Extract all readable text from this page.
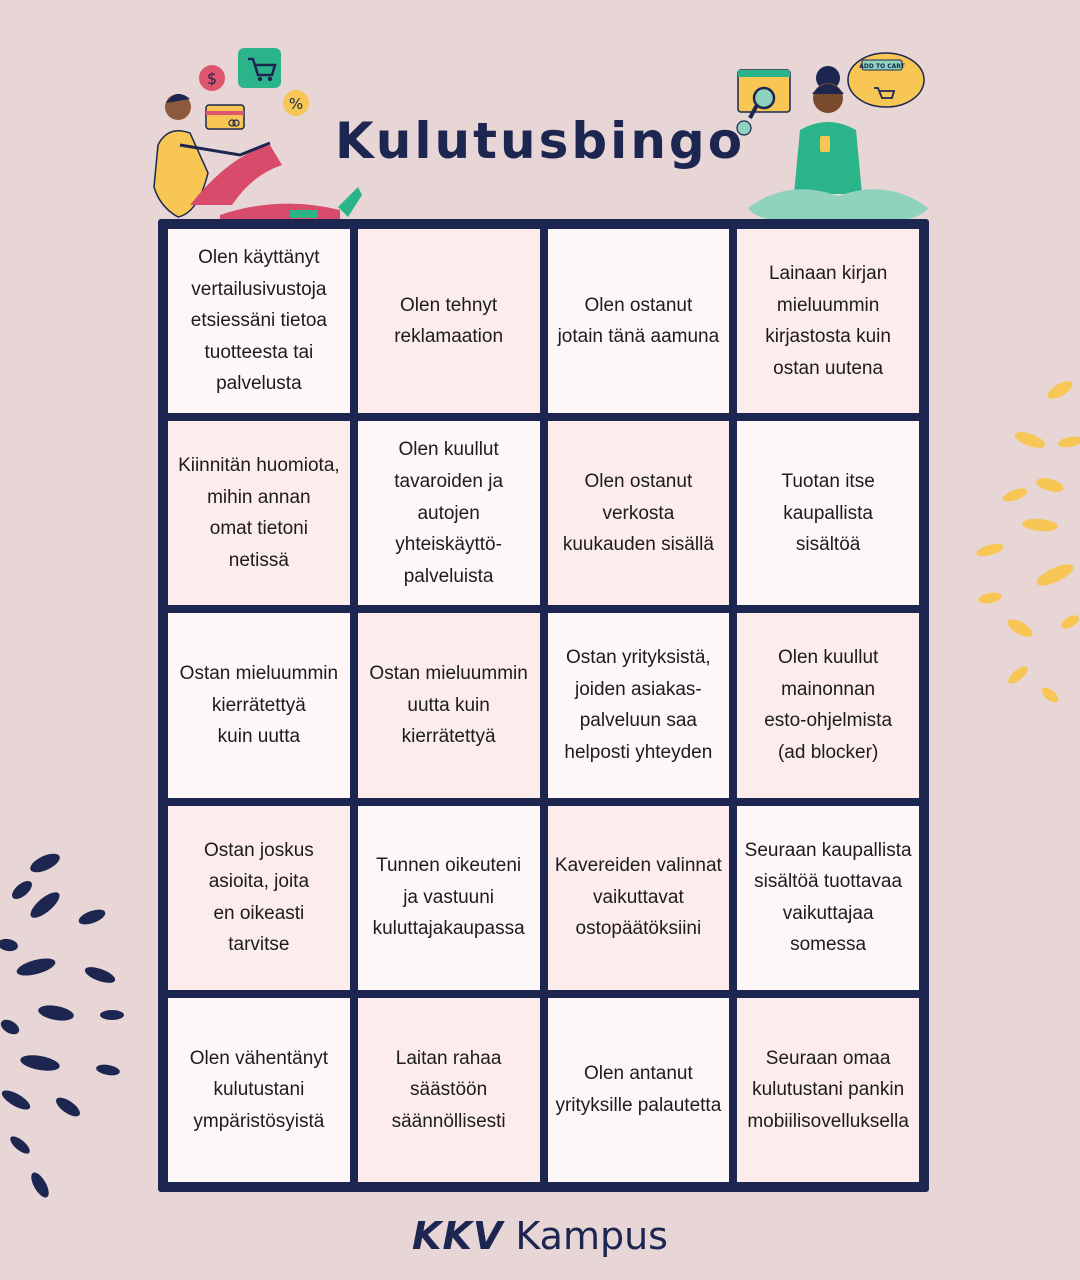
$
%
ADD TO CART
Kulutusbingo
Olen käyttänyt
vertailusivustoja
etsiessäni tietoa
tuotteesta tai
palvelusta
Olen tehnyt
reklamaation
Olen ostanut
jotain tänä aamuna
Lainaan kirjan
mieluummin
kirjastosta kuin
ostan uutena
Kiinnitän huomiota,
mihin annan
omat tietoni
netissä
Olen kuullut
tavaroiden ja
autojen
yhteiskäyttö-
palveluista
Olen ostanut
verkosta
kuukauden sisällä
Tuotan itse
kaupallista
sisältöä
Ostan mieluummin
kierrätettyä
kuin uutta
Ostan mieluummin
uutta kuin
kierrätettyä
Ostan yrityksistä,
joiden asiakas-
palveluun saa
helposti yhteyden
Olen kuullut
mainonnan
esto-ohjelmista
(ad blocker)
Ostan joskus
asioita, joita
en oikeasti
tarvitse
Tunnen oikeuteni
ja vastuuni
kuluttajakaupassa
Kavereiden valinnat
vaikuttavat
ostopäätöksiini
Seuraan kaupallista
sisältöä tuottavaa
vaikuttajaa
somessa
Olen vähentänyt
kulutustani
ympäristösyistä
Laitan rahaa
säästöön
säännöllisesti
Olen antanut
yrityksille palautetta
Seuraan omaa
kulutustani pankin
mobiilisovelluksella
KKV Kampus
